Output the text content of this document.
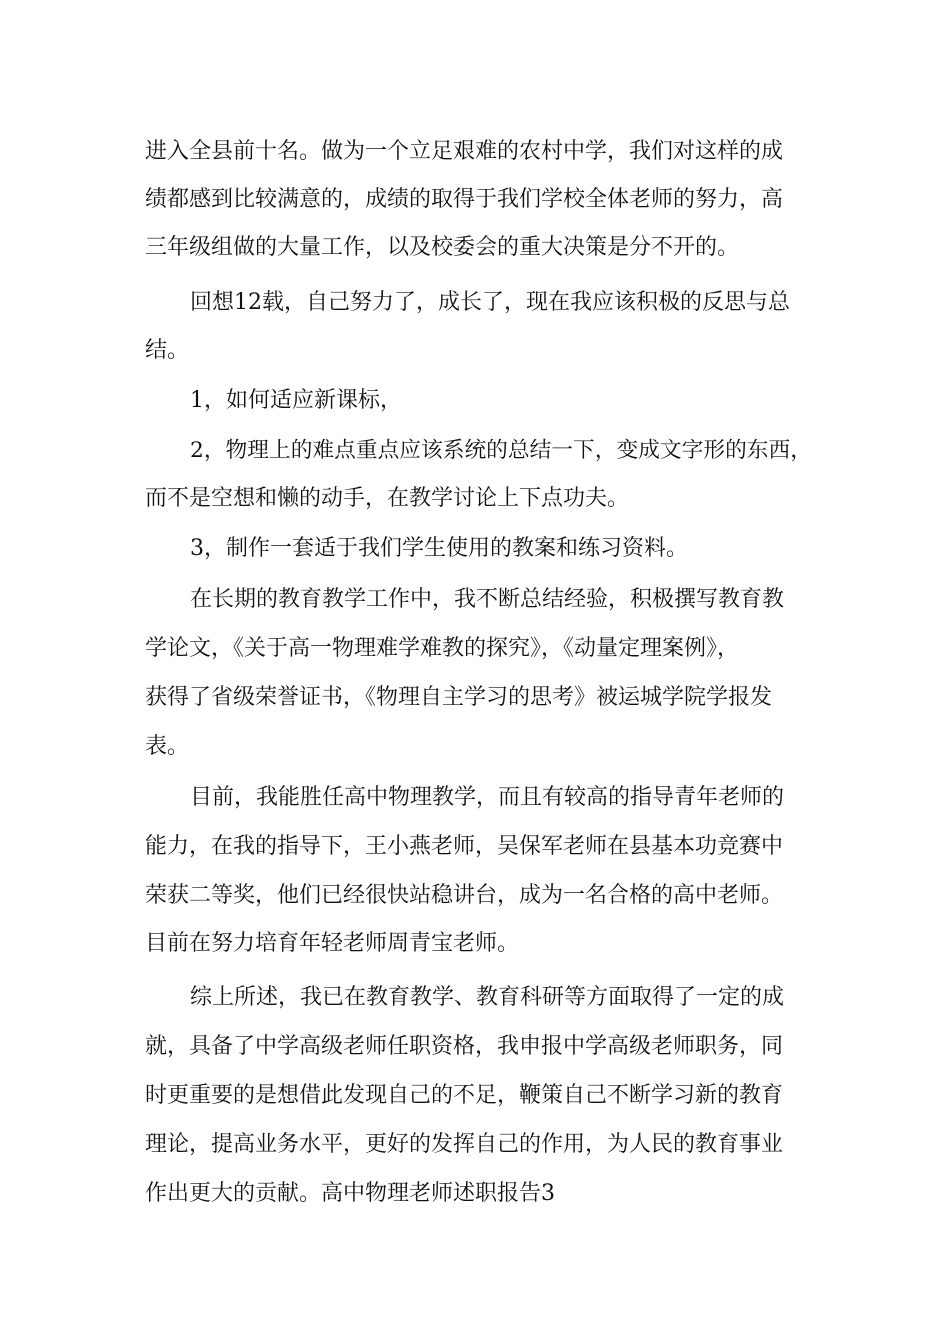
进入全县前十名。做为一个立足艰难的农村中学，我们对这样的成

绩都感到比较满意的，成绩的取得于我们学校全体老师的努力，高

三年级组做的大量工作，以及校委会的重大决策是分不开的。

回想12载，自己努力了，成长了，现在我应该积极的反思与总

结。

1，如何适应新课标，

2，物理上的难点重点应该系统的总结一下，变成文字形的东西，

而不是空想和懒的动手，在教学讨论上下点功夫。

3，制作一套适于我们学生使用的教案和练习资料。

在长期的教育教学工作中，我不断总结经验，积极撰写教育教

学论文，《关于高一物理难学难教的探究》，《动量定理案例》，

获得了省级荣誉证书，《物理自主学习的思考》被运城学院学报发

表。

目前，我能胜任高中物理教学，而且有较高的指导青年老师的

能力，在我的指导下，王小燕老师，吴保军老师在县基本功竞赛中

荣获二等奖，他们已经很快站稳讲台，成为一名合格的高中老师。

目前在努力培育年轻老师周青宝老师。

综上所述，我已在教育教学、教育科研等方面取得了一定的成

就，具备了中学高级老师任职资格，我申报中学高级老师职务，同

时更重要的是想借此发现自己的不足，鞭策自己不断学习新的教育

理论，提高业务水平，更好的发挥自己的作用，为人民的教育事业

作出更大的贡献。高中物理老师述职报告3
